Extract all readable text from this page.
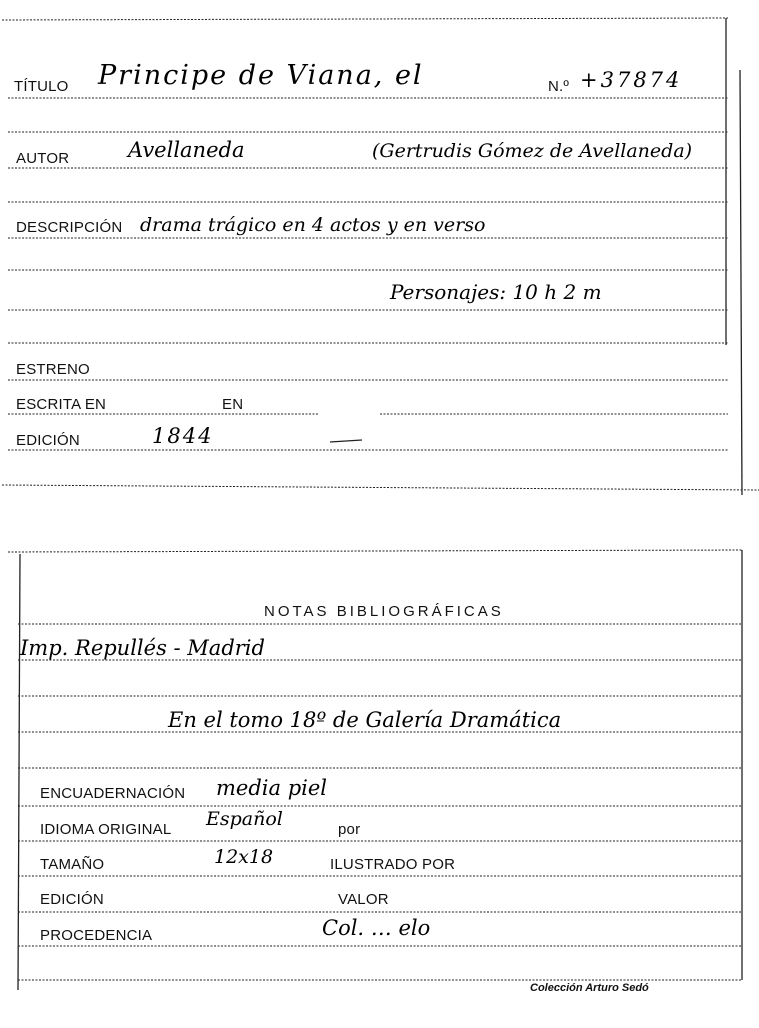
TÍTULO Principe de Viana, el	N.º +37874
AUTOR	Avellaneda	(Gertrudis Gómez de Avellaneda)
DESCRIPCIÓN drama trágico en 4 actos y en verso
Personajes: 10 h 2 m
ESTRENO
ESCRITA EN	EN
EDICIÓN	1844
NOTAS BIBLIOGRÁFICAS
Imp. Repullés - Madrid
En el tomo 18º de Galería Dramática
ENCUADERNACIÓN media piel
IDIOMA ORIGINAL Español	por
TAMAÑO	12x18	ILUSTRADO POR
EDICIÓN	VALOR
PROCEDENCIA	Col. … elo
Colección Arturo Sedó
